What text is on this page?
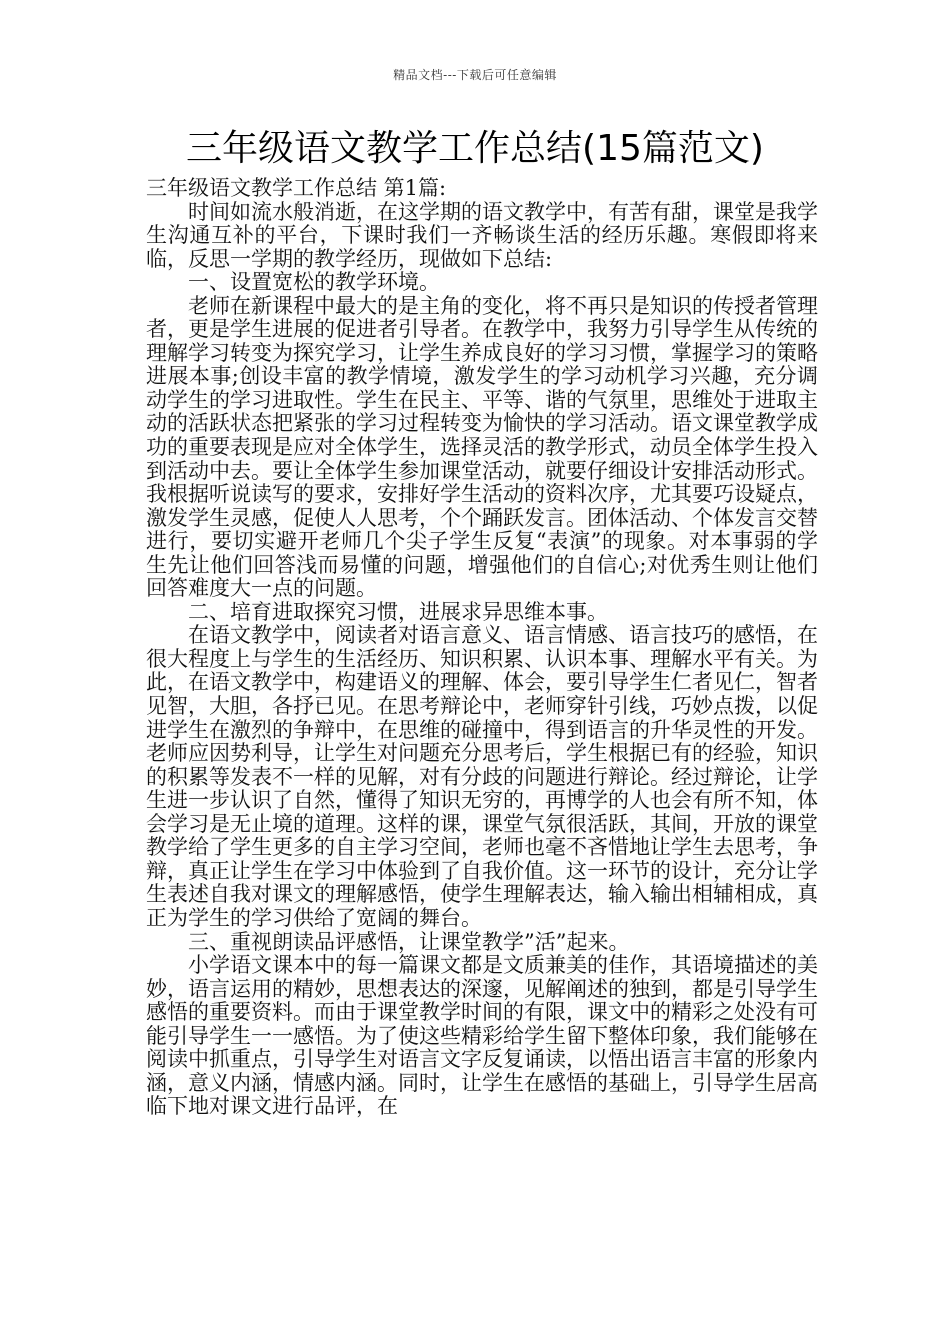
精品文档---下载后可任意编辑
三年级语文教学工作总结(15篇范文)

三年级语文教学工作总结 第1篇:

时间如流水般消逝，在这学期的语文教学中，有苦有甜，课堂是我学生沟通互补的平台，下课时我们一齐畅谈生活的经历乐趣。寒假即将来临，反思一学期的教学经历，现做如下总结:

一、设置宽松的教学环境。

老师在新课程中最大的是主角的变化，将不再只是知识的传授者管理者，更是学生进展的促进者引导者。在教学中，我努力引导学生从传统的理解学习转变为探究学习，让学生养成良好的学习习惯，掌握学习的策略进展本事;创设丰富的教学情境，激发学生的学习动机学习兴趣，充分调动学生的学习进取性。学生在民主、平等、谐的气氛里，思维处于进取主动的活跃状态把紧张的学习过程转变为愉快的学习活动。语文课堂教学成功的重要表现是应对全体学生，选择灵活的教学形式，动员全体学生投入到活动中去。要让全体学生参加课堂活动，就要仔细设计安排活动形式。我根据听说读写的要求，安排好学生活动的资料次序，尤其要巧设疑点，激发学生灵感，促使人人思考，个个踊跃发言。团体活动、个体发言交替进行，要切实避开老师几个尖子学生反复“表演”的现象。对本事弱的学生先让他们回答浅而易懂的问题，增强他们的自信心;对优秀生则让他们回答难度大一点的问题。

二、培育进取探究习惯，进展求异思维本事。

在语文教学中，阅读者对语言意义、语言情感、语言技巧的感悟，在很大程度上与学生的生活经历、知识积累、认识本事、理解水平有关。为此，在语文教学中，构建语义的理解、体会，要引导学生仁者见仁，智者见智，大胆，各抒已见。在思考辩论中，老师穿针引线，巧妙点拨，以促进学生在激烈的争辩中，在思维的碰撞中，得到语言的升华灵性的开发。老师应因势利导，让学生对问题充分思考后，学生根据已有的经验，知识的积累等发表不一样的见解，对有分歧的问题进行辩论。经过辩论，让学生进一步认识了自然，懂得了知识无穷的，再博学的人也会有所不知，体会学习是无止境的道理。这样的课，课堂气氛很活跃，其间，开放的课堂教学给了学生更多的自主学习空间，老师也毫不吝惜地让学生去思考，争辩，真正让学生在学习中体验到了自我价值。这一环节的设计，充分让学生表述自我对课文的理解感悟，使学生理解表达，输入输出相辅相成，真正为学生的学习供给了宽阔的舞台。

三、重视朗读品评感悟，让课堂教学”活”起来。

小学语文课本中的每一篇课文都是文质兼美的佳作，其语境描述的美妙，语言运用的精妙，思想表达的深邃，见解阐述的独到，都是引导学生感悟的重要资料。而由于课堂教学时间的有限，课文中的精彩之处没有可能引导学生一一感悟。为了使这些精彩给学生留下整体印象，我们能够在阅读中抓重点，引导学生对语言文字反复诵读，以悟出语言丰富的形象内涵，意义内涵，情感内涵。同时，让学生在感悟的基础上，引导学生居高临下地对课文进行品评，在
